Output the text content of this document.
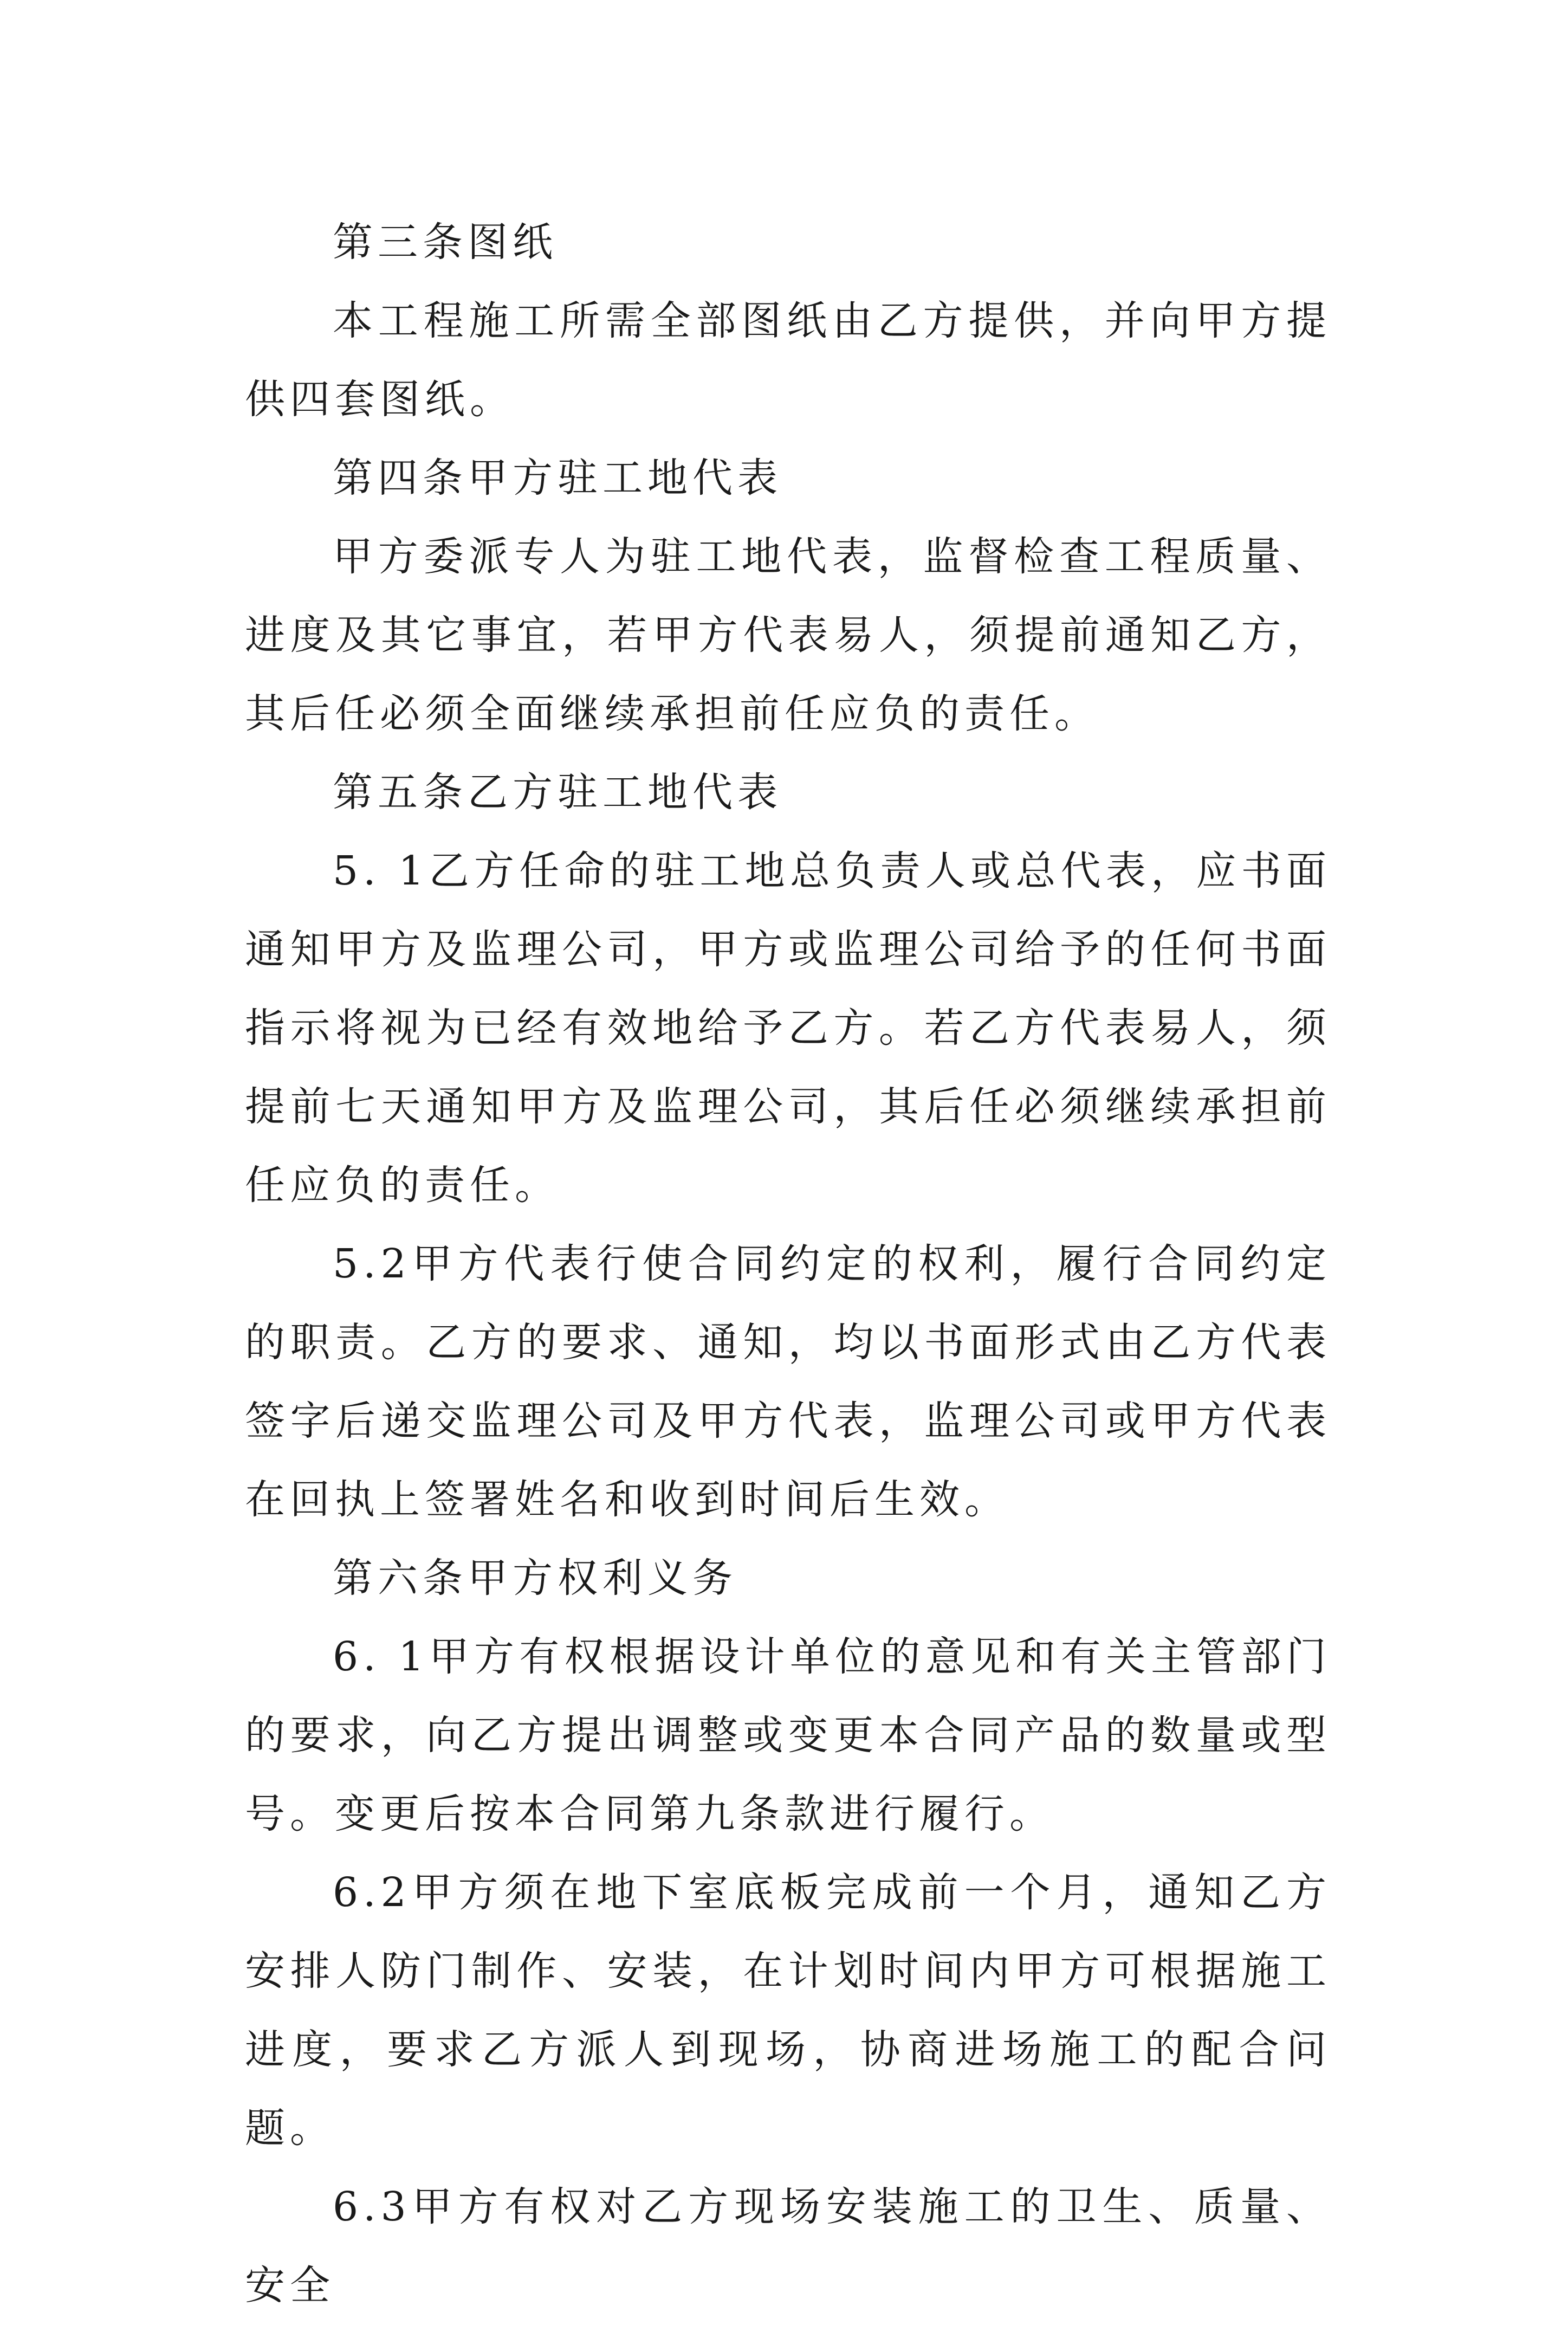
第三条图纸

本工程施工所需全部图纸由乙方提供，并向甲方提供四套图纸。

第四条甲方驻工地代表

甲方委派专人为驻工地代表，监督检查工程质量、进度及其它事宜，若甲方代表易人，须提前通知乙方，其后任必须全面继续承担前任应负的责任。

第五条乙方驻工地代表

5. 1乙方任命的驻工地总负责人或总代表，应书面通知甲方及监理公司，甲方或监理公司给予的任何书面指示将视为已经有效地给予乙方。若乙方代表易人，须提前七天通知甲方及监理公司，其后任必须继续承担前任应负的责任。

5.2甲方代表行使合同约定的权利，履行合同约定的职责。乙方的要求、通知，均以书面形式由乙方代表签字后递交监理公司及甲方代表，监理公司或甲方代表在回执上签署姓名和收到时间后生效。

第六条甲方权利义务

6. 1甲方有权根据设计单位的意见和有关主管部门的要求，向乙方提出调整或变更本合同产品的数量或型号。变更后按本合同第九条款进行履行。

6.2甲方须在地下室底板完成前一个月，通知乙方安排人防门制作、安装，在计划时间内甲方可根据施工进度，要求乙方派人到现场，协商进场施工的配合问题。

6.3甲方有权对乙方现场安装施工的卫生、质量、安全
